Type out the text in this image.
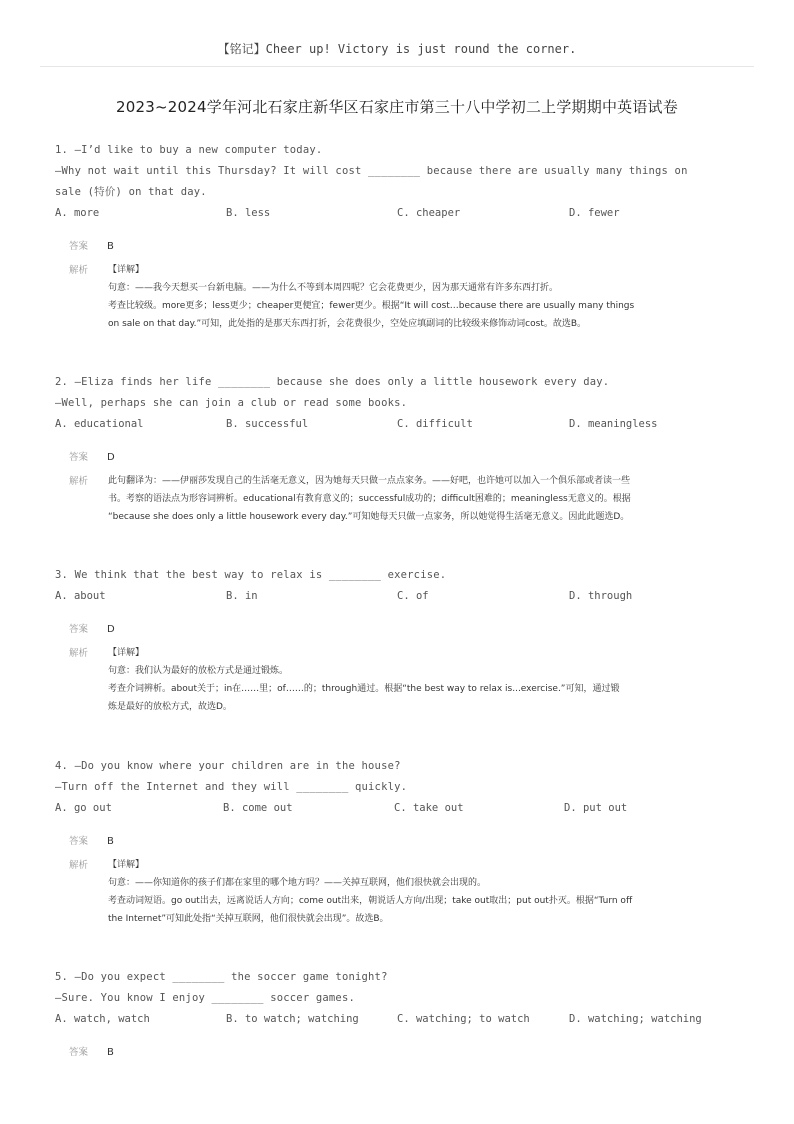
【铭记】Cheer up! Victory is just round the corner.
2023~2024学年河北石家庄新华区石家庄市第三十八中学初二上学期期中英语试卷
1. —I’d like to buy a new computer today.
—Why not wait until this Thursday? It will cost ________ because there are usually many things on
sale (特价) on that day.
A. more	B. less	C. cheaper	D. fewer
答案 B
解析 【详解】
句意：——我今天想买一台新电脑。——为什么不等到本周四呢？它会花费更少，因为那天通常有许多东西打折。
考查比较级。more更多；less更少；cheaper更便宜；fewer更少。根据“It will cost…because there are usually many things
on sale on that day.”可知，此处指的是那天东西打折，会花费很少，空处应填副词的比较级来修饰动词cost。故选B。
2. —Eliza finds her life ________ because she does only a little housework every day.
—Well, perhaps she can join a club or read some books.
A. educational	B. successful	C. difficult	D. meaningless
答案 D
解析 此句翻译为：——伊丽莎发现自己的生活毫无意义，因为她每天只做一点点家务。——好吧，也许她可以加入一个俱乐部或者读一些
书。考察的语法点为形容词辨析。educational有教育意义的；successful成功的；difficult困难的；meaningless无意义的。根据
“because she does only a little housework every day.”可知她每天只做一点家务，所以她觉得生活毫无意义。因此此题选D。
3. We think that the best way to relax is ________ exercise.
A. about	B. in	C. of	D. through
答案 D
解析 【详解】
句意：我们认为最好的放松方式是通过锻炼。
考查介词辨析。about关于；in在……里；of……的；through通过。根据“the best way to relax is...exercise.”可知，通过锻
炼是最好的放松方式，故选D。
4. —Do you know where your children are in the house?
—Turn off the Internet and they will ________ quickly.
A. go out	B. come out	C. take out	D. put out
答案 B
解析 【详解】
句意：——你知道你的孩子们都在家里的哪个地方吗？——关掉互联网，他们很快就会出现的。
考查动词短语。go out出去，远离说话人方向；come out出来，朝说话人方向/出现；take out取出；put out扑灭。根据“Turn off
the Internet”可知此处指“关掉互联网，他们很快就会出现”。故选B。
5. —Do you expect ________ the soccer game tonight?
—Sure. You know I enjoy ________ soccer games.
A. watch, watch	B. to watch; watching	C. watching; to watch	D. watching; watching
答案 B
